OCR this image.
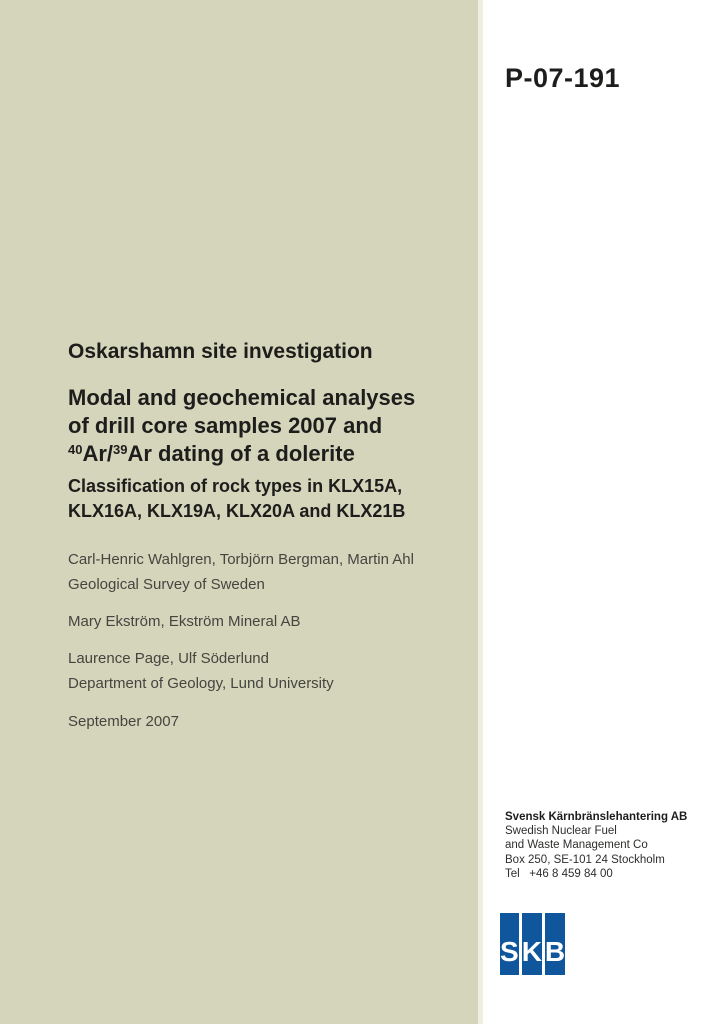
P-07-191
Oskarshamn site investigation
Modal and geochemical analyses
of drill core samples 2007 and
$^{40}$Ar/$^{39}$Ar dating of a dolerite
Classification of rock types in KLX15A,
KLX16A, KLX19A, KLX20A and KLX21B
Carl-Henric Wahlgren, Torbjörn Bergman, Martin Ahl
Geological Survey of Sweden
Mary Ekström, Ekström Mineral AB
Laurence Page, Ulf Söderlund
Department of Geology, Lund University
September 2007
Svensk Kärnbränslehantering AB
Swedish Nuclear Fuel
and Waste Management Co
Box 250, SE-101 24 Stockholm
Tel   +46 8 459 84 00
S K B
